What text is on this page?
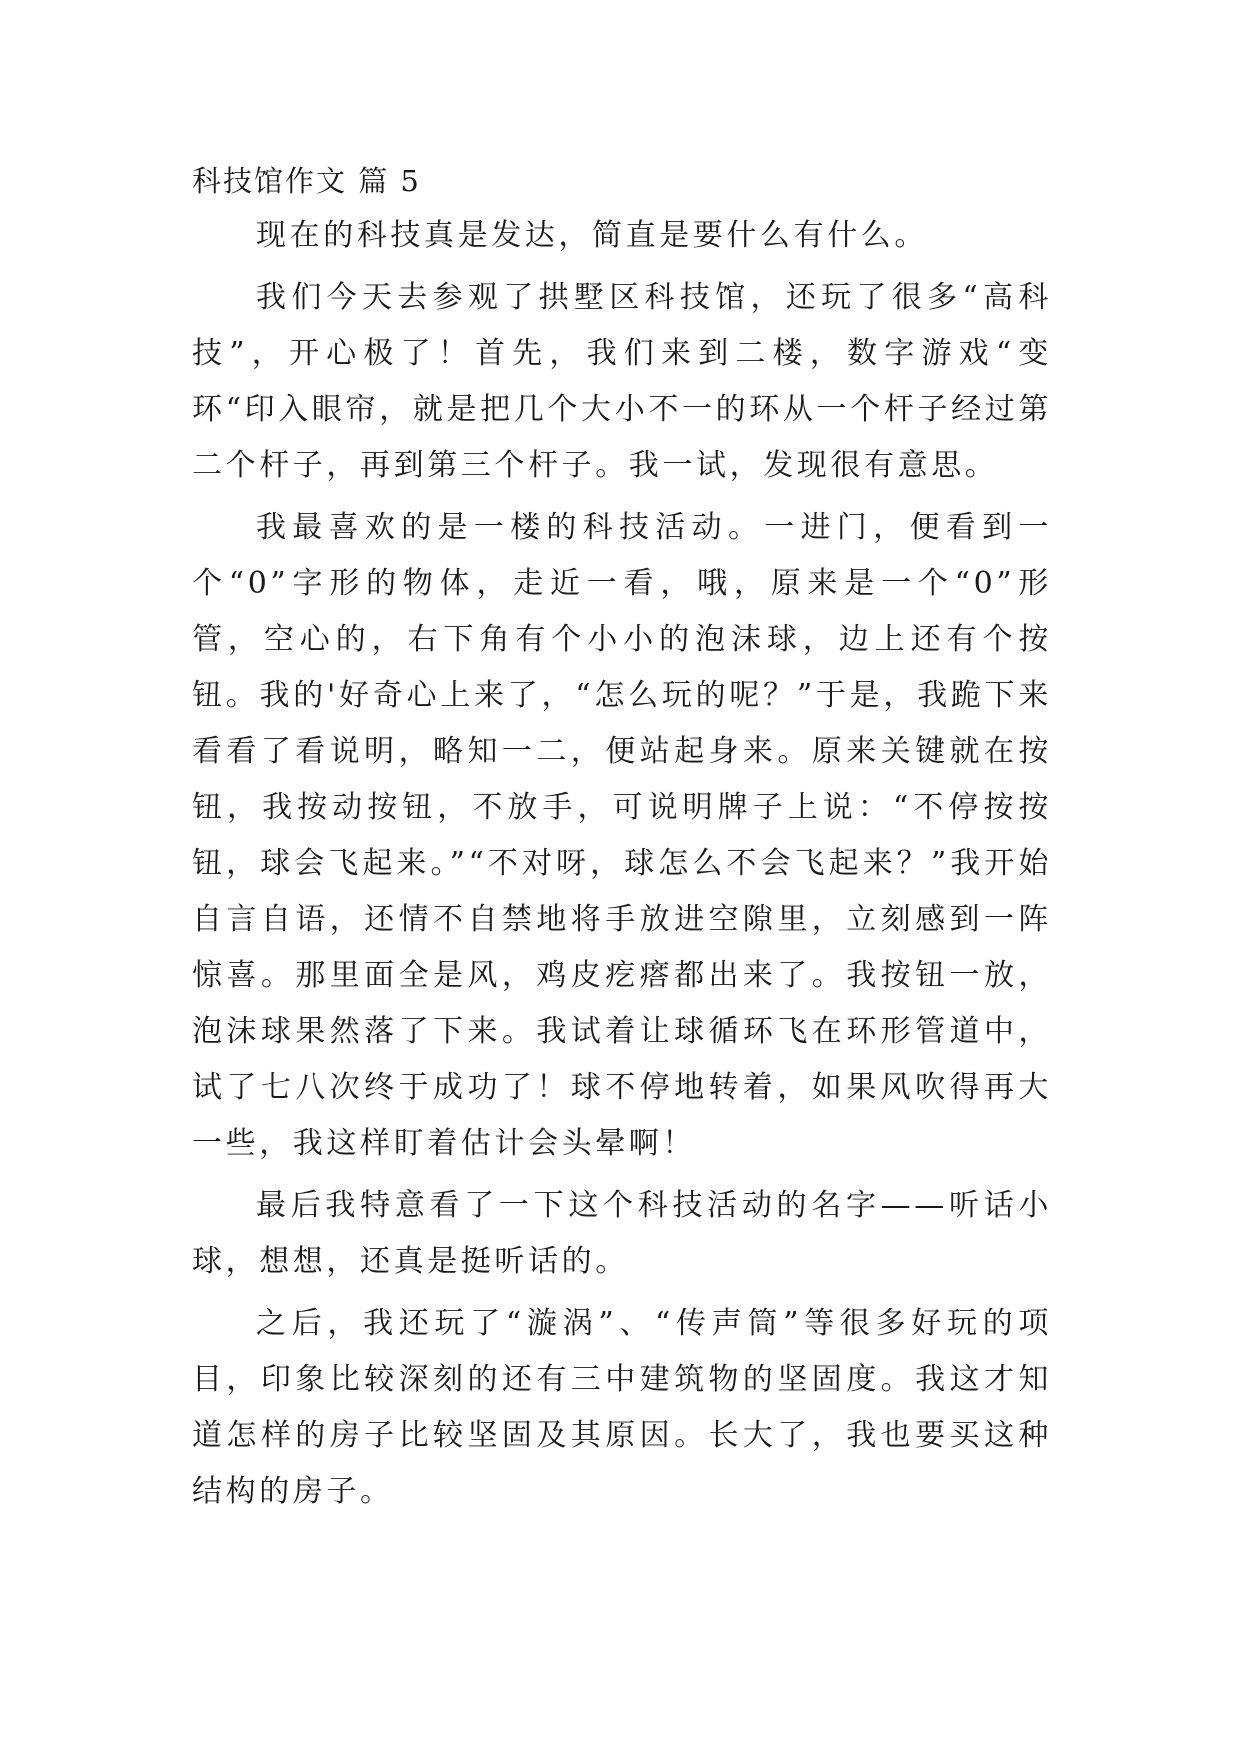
科技馆作文 篇 5

现在的科技真是发达，简直是要什么有什么。

我们今天去参观了拱墅区科技馆，还玩了很多“高科技”，开心极了！首先，我们来到二楼，数字游戏“变环“印入眼帘，就是把几个大小不一的环从一个杆子经过第二个杆子，再到第三个杆子。我一试，发现很有意思。

我最喜欢的是一楼的科技活动。一进门，便看到一个“0”字形的物体，走近一看，哦，原来是一个“0”形管，空心的，右下角有个小小的泡沫球，边上还有个按钮。我的'好奇心上来了，“怎么玩的呢？”于是，我跪下来看看了看说明，略知一二，便站起身来。原来关键就在按钮，我按动按钮，不放手，可说明牌子上说：“不停按按钮，球会飞起来。”“不对呀，球怎么不会飞起来？”我开始自言自语，还情不自禁地将手放进空隙里，立刻感到一阵惊喜。那里面全是风，鸡皮疙瘩都出来了。我按钮一放，泡沫球果然落了下来。我试着让球循环飞在环形管道中，试了七八次终于成功了！球不停地转着，如果风吹得再大一些，我这样盯着估计会头晕啊！

最后我特意看了一下这个科技活动的名字——听话小球，想想，还真是挺听话的。

之后，我还玩了“漩涡”、“传声筒”等很多好玩的项目，印象比较深刻的还有三中建筑物的坚固度。我这才知道怎样的房子比较坚固及其原因。长大了，我也要买这种结构的房子。
